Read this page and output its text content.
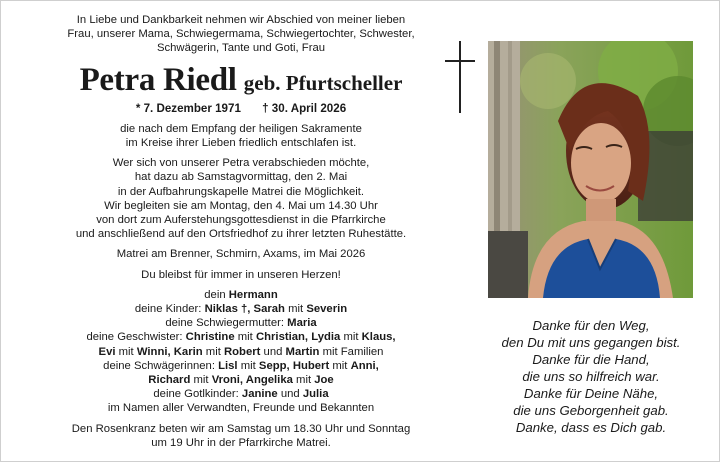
In Liebe und Dankbarkeit nehmen wir Abschied von meiner lieben
Frau, unserer Mama, Schwiegermama, Schwiegertochter, Schwester,
Schwägerin, Tante und Goti, Frau
Petra Riedl geb. Pfurtscheller
* 7. Dezember 1971 † 30. April 2026
die nach dem Empfang der heiligen Sakramente
im Kreise ihrer Lieben friedlich entschlafen ist.
Wer sich von unserer Petra verabschieden möchte,
hat dazu ab Samstagvormittag, den 2. Mai
in der Aufbahrungskapelle Matrei die Möglichkeit.
Wir begleiten sie am Montag, den 4. Mai um 14.30 Uhr
von dort zum Auferstehungsgottesdienst in die Pfarrkirche
und anschließend auf den Ortsfriedhof zu ihrer letzten Ruhestätte.
Matrei am Brenner, Schmirn, Axams, im Mai 2026
Du bleibst für immer in unseren Herzen!
dein Hermann
deine Kinder: Niklas †, Sarah mit Severin
deine Schwiegermutter: Maria
deine Geschwister: Christine mit Christian, Lydia mit Klaus,
Evi mit Winni, Karin mit Robert und Martin mit Familien
deine Schwägerinnen: Lisl mit Sepp, Hubert mit Anni,
Richard mit Vroni, Angelika mit Joe
deine Gotlkinder: Janine und Julia
im Namen aller Verwandten, Freunde und Bekannten
Den Rosenkranz beten wir am Samstag um 18.30 Uhr und Sonntag
um 19 Uhr in der Pfarrkirche Matrei.
Danke für den Weg,
den Du mit uns gegangen bist.
Danke für die Hand,
die uns so hilfreich war.
Danke für Deine Nähe,
die uns Geborgenheit gab.
Danke, dass es Dich gab.
